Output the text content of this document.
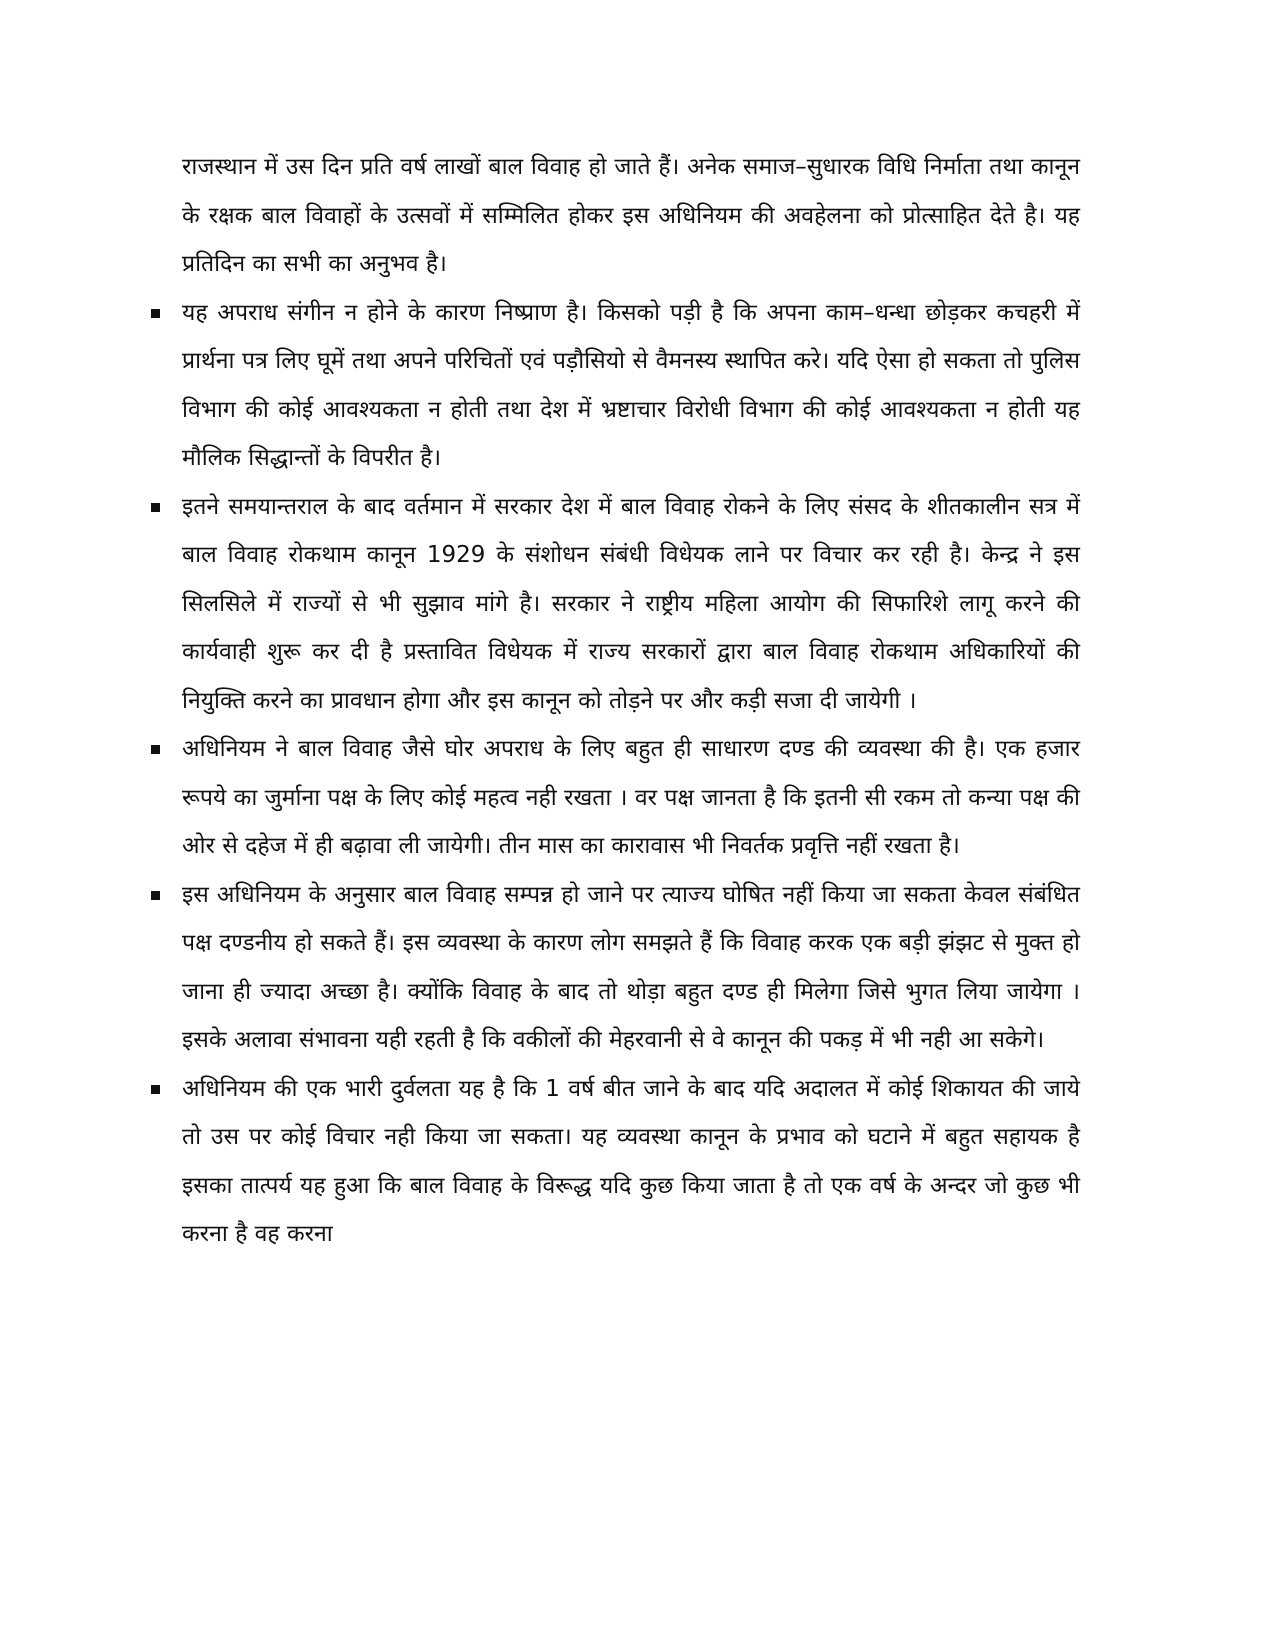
राजस्थान में उस दिन प्रति वर्ष लाखों बाल विवाह हो जाते हैं। अनेक समाज–सुधारक विधि निर्माता तथा कानून के रक्षक बाल विवाहों के उत्सवों में सम्मिलित होकर इस अधिनियम की अवहेलना को प्रोत्साहित देते है। यह प्रतिदिन का सभी का अनुभव है।

यह अपराध संगीन न होने के कारण निष्प्राण है। किसको पड़ी है कि अपना काम–धन्धा छोड़कर कचहरी में प्रार्थना पत्र लिए घूमें तथा अपने परिचितों एवं पड़ौसियो से वैमनस्य स्थापित करे। यदि ऐसा हो सकता तो पुलिस विभाग की कोई आवश्यकता न होती तथा देश में भ्रष्टाचार विरोधी विभाग की कोई आवश्यकता न होती यह मौलिक सिद्धान्तों के विपरीत है।

इतने समयान्तराल के बाद वर्तमान में सरकार देश में बाल विवाह रोकने के लिए संसद के शीतकालीन सत्र में बाल विवाह रोकथाम कानून 1929 के संशोधन संबंधी विधेयक लाने पर विचार कर रही है। केन्द्र ने इस सिलसिले में राज्यों से भी सुझाव मांगे है। सरकार ने राष्ट्रीय महिला आयोग की सिफारिशे लागू करने की कार्यवाही शुरू कर दी है प्रस्तावित विधेयक में राज्य सरकारों द्वारा बाल विवाह रोकथाम अधिकारियों की नियुक्ति करने का प्रावधान होगा और इस कानून को तोड़ने पर और कड़ी सजा दी जायेगी ।

अधिनियम ने बाल विवाह जैसे घोर अपराध के लिए बहुत ही साधारण दण्ड की व्यवस्था की है। एक हजार रूपये का जुर्माना पक्ष के लिए कोई महत्व नही रखता । वर पक्ष जानता है कि इतनी सी रकम तो कन्या पक्ष की ओर से दहेज में ही बढ़ावा ली जायेगी। तीन मास का कारावास भी निवर्तक प्रवृत्ति नहीं रखता है।

इस अधिनियम के अनुसार बाल विवाह सम्पन्न हो जाने पर त्याज्य घोषित नहीं किया जा सकता केवल संबंधित पक्ष दण्डनीय हो सकते हैं। इस व्यवस्था के कारण लोग समझते हैं कि विवाह करक एक बड़ी झंझट से मुक्त हो जाना ही ज्यादा अच्छा है। क्योंकि विवाह के बाद तो थोड़ा बहुत दण्ड ही मिलेगा जिसे भुगत लिया जायेगा । इसके अलावा संभावना यही रहती है कि वकीलों की मेहरवानी से वे कानून की पकड़ में भी नही आ सकेगे।

अधिनियम की एक भारी दुर्वलता यह है कि 1 वर्ष बीत जाने के बाद यदि अदालत में कोई शिकायत की जाये तो उस पर कोई विचार नही किया जा सकता। यह व्यवस्था कानून के प्रभाव को घटाने में बहुत सहायक है इसका तात्पर्य यह हुआ कि बाल विवाह के विरूद्ध यदि कुछ किया जाता है तो एक वर्ष के अन्दर जो कुछ भी करना है वह करना
